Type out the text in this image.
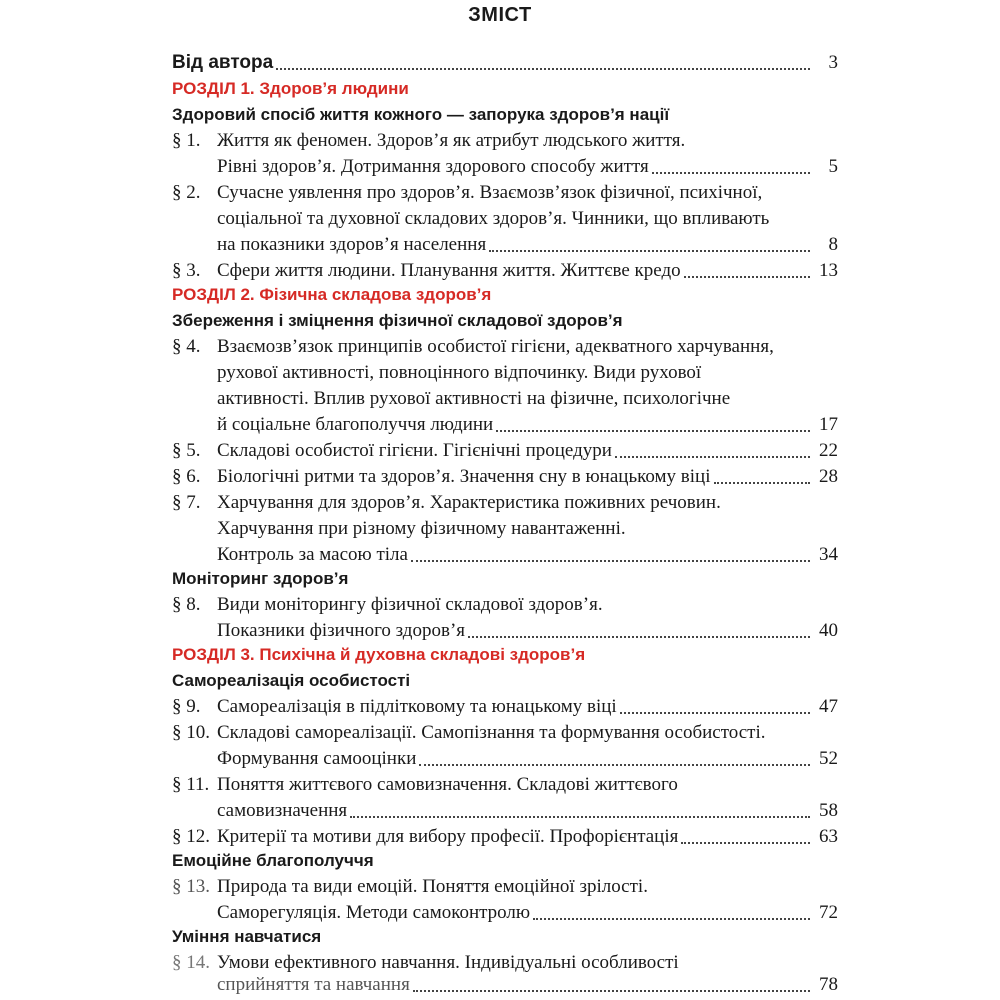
ЗМІСТ
Від автора	3
РОЗДІЛ 1. Здоров’я людини
Здоровий спосіб життя кожного — запорука здоров’я нації
§ 1. Життя як феномен. Здоров’я як атрибут людського життя.
Рівні здоров’я. Дотримання здорового способу життя	5
§ 2. Сучасне уявлення про здоров’я. Взаємозв’язок фізичної, психічної,
соціальної та духовної складових здоров’я. Чинники, що впливають
на показники здоров’я населення	8
§ 3. Сфери життя людини. Планування життя. Життєве кредо	13
РОЗДІЛ 2. Фізична складова здоров’я
Збереження і зміцнення фізичної складової здоров’я
§ 4. Взаємозв’язок принципів особистої гігієни, адекватного харчування,
рухової активності, повноцінного відпочинку. Види рухової
активності. Вплив рухової активності на фізичне, психологічне
й соціальне благополуччя людини	17
§ 5. Складові особистої гігієни. Гігієнічні процедури	22
§ 6. Біологічні ритми та здоров’я. Значення сну в юнацькому віці	28
§ 7. Харчування для здоров’я. Характеристика поживних речовин.
Харчування при різному фізичному навантаженні.
Контроль за масою тіла	34
Моніторинг здоров’я
§ 8. Види моніторингу фізичної складової здоров’я.
Показники фізичного здоров’я	40
РОЗДІЛ 3. Психічна й духовна складові здоров’я
Самореалізація особистості
§ 9. Самореалізація в підлітковому та юнацькому віці	47
§ 10. Складові самореалізації. Самопізнання та формування особистості.
Формування самооцінки	52
§ 11. Поняття життєвого самовизначення. Складові життєвого
самовизначення	58
§ 12. Критерії та мотиви для вибору професії. Профорієнтація	63
Емоційне благополуччя
§ 13. Природа та види емоцій. Поняття емоційної зрілості.
Саморегуляція. Методи самоконтролю	72
Уміння навчатися
§ 14. Умови ефективного навчання. Індивідуальні особливості
сприйняття та навчання	78
